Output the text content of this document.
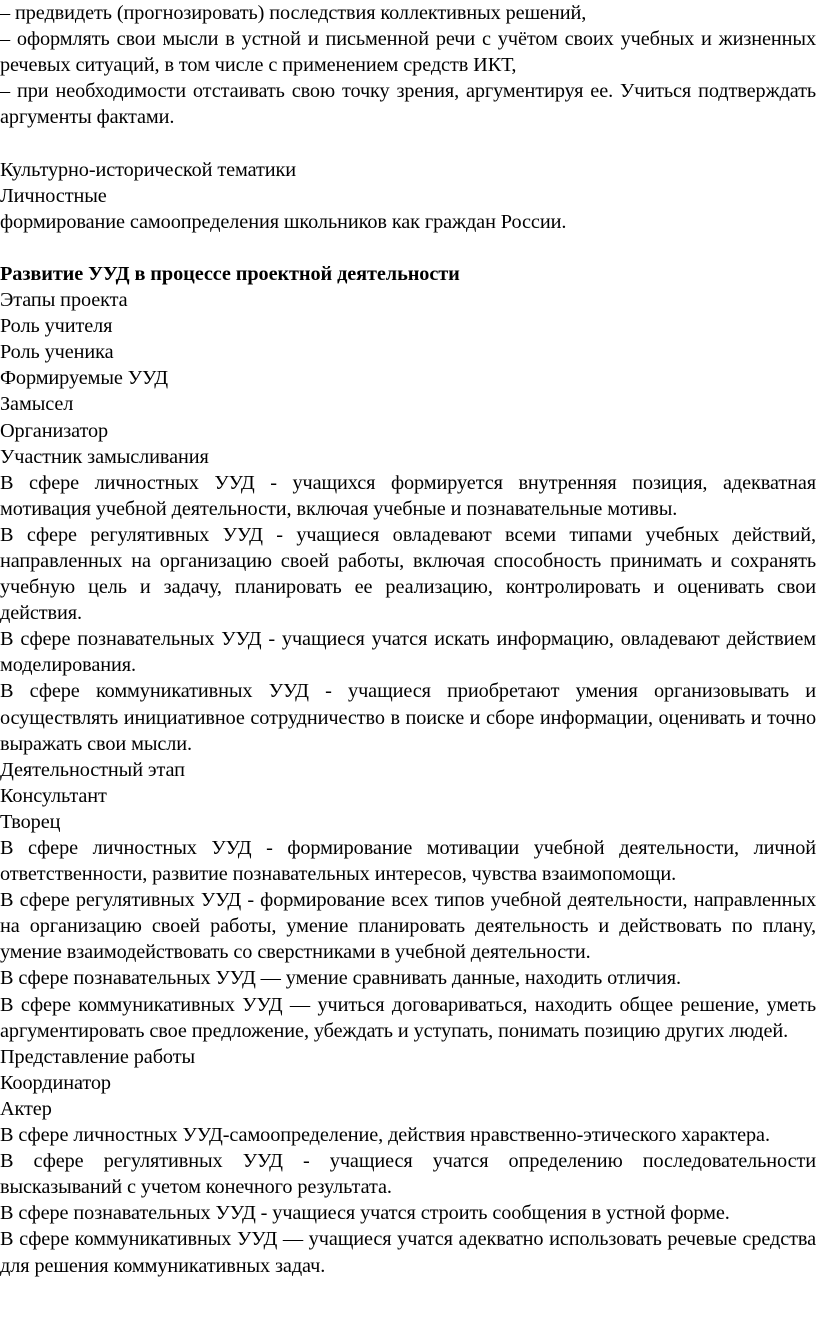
– предвидеть (прогнозировать) последствия коллективных решений,

– оформлять свои мысли в устной и письменной речи с учётом своих учебных и жизненных речевых ситуаций, в том числе с применением средств ИКТ,

– при необходимости отстаивать свою точку зрения, аргументируя ее. Учиться подтверждать аргументы фактами.

Культурно-исторической тематики

Личностные

формирование самоопределения школьников как граждан России.

Развитие УУД в процессе проектной деятельности

Этапы проекта

Роль учителя

Роль ученика

Формируемые УУД

Замысел

Организатор

Участник замысливания

В сфере личностных УУД - учащихся формируется внутренняя позиция, адекватная мотивация учебной деятельности, включая учебные и познавательные мотивы.

В сфере регулятивных УУД - учащиеся овладевают всеми типами учебных действий, направленных на организацию своей работы, включая способность принимать и сохранять учебную цель и задачу, планировать ее реализацию, контролировать и оценивать свои действия.

В сфере познавательных УУД - учащиеся учатся искать информацию, овладевают действием моделирования.

В сфере коммуникативных УУД - учащиеся приобретают умения организовывать и осуществлять инициативное сотрудничество в поиске и сборе информации, оценивать и точно выражать свои мысли.

Деятельностный этап

Консультант

Творец

В сфере личностных УУД - формирование мотивации учебной деятельности, личной ответственности, развитие познавательных интересов, чувства взаимопомощи.

В сфере регулятивных УУД - формирование всех типов учебной деятельности, направленных на организацию своей работы, умение планировать деятельность и действовать по плану, умение взаимодействовать со сверстниками в учебной деятельности.

В сфере познавательных УУД — умение сравнивать данные, находить отличия.

В сфере коммуникативных УУД — учиться договариваться, находить общее решение, уметь аргументировать свое предложение, убеждать и уступать, понимать позицию других людей.

Представление работы

Координатор

Актер

В сфере личностных УУД-самоопределение, действия нравственно-этического характера.

В сфере регулятивных УУД - учащиеся учатся определению последовательности высказываний с учетом конечного результата.

В сфере познавательных УУД - учащиеся учатся строить сообщения в устной форме.

В сфере коммуникативных УУД — учащиеся учатся адекватно использовать речевые средства для решения коммуникативных задач.
